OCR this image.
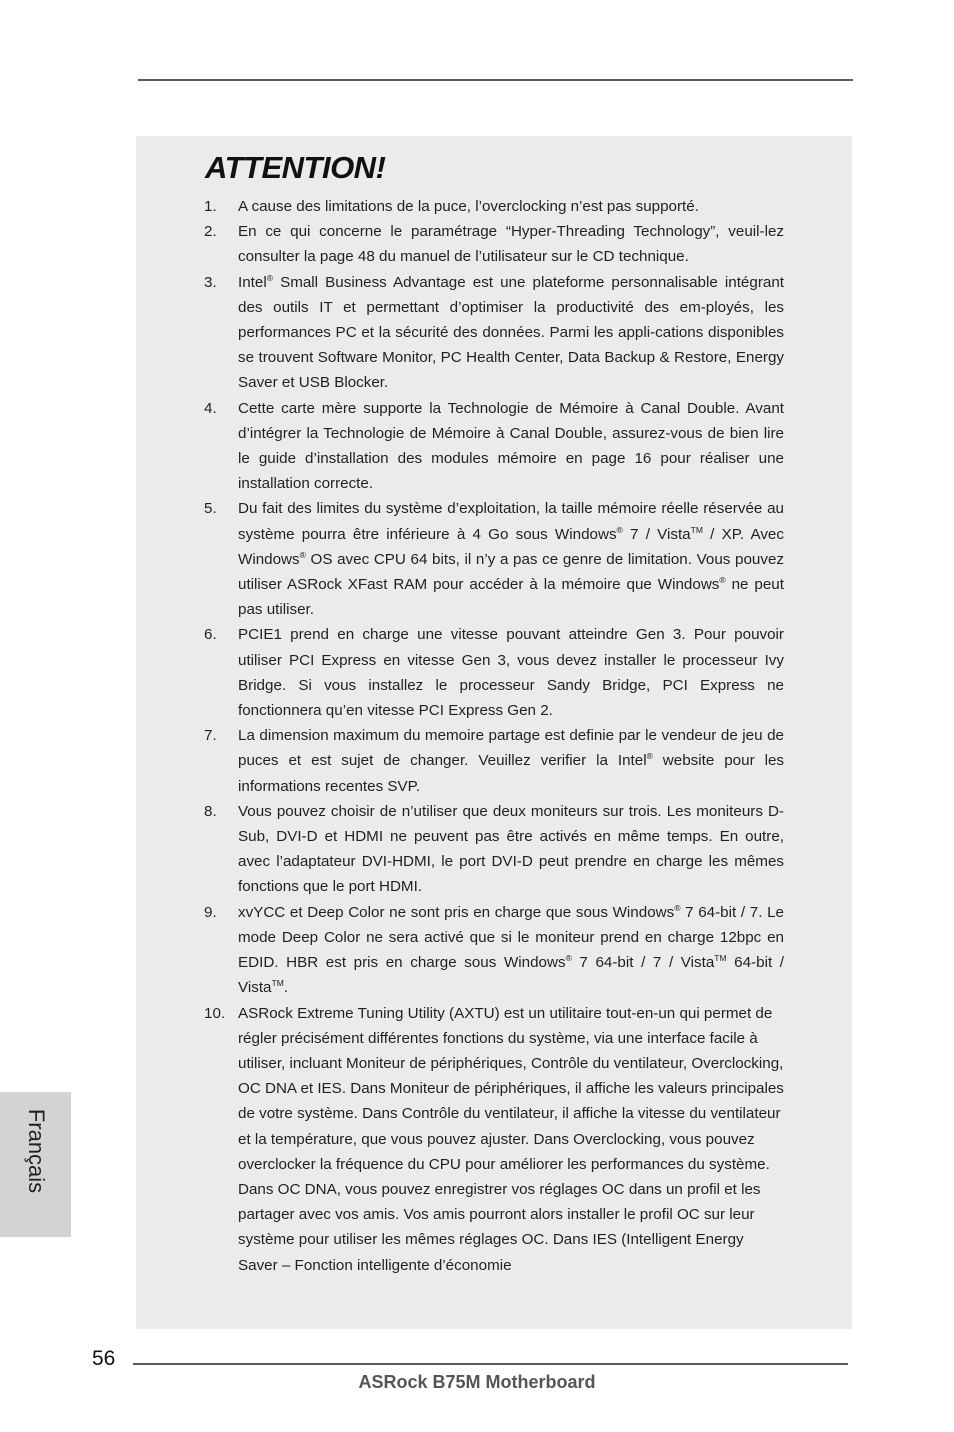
ATTENTION!
1. A cause des limitations de la puce, l’overclocking n’est pas supporté.
2. En ce qui concerne le paramétrage “Hyper-Threading Technology”, veuil-lez consulter la page 48 du manuel de l’utilisateur sur le CD technique.
3. Intel® Small Business Advantage est une plateforme personnalisable intégrant des outils IT et permettant d’optimiser la productivité des em-ployés, les performances PC et la sécurité des données. Parmi les appli-cations disponibles se trouvent Software Monitor, PC Health Center, Data Backup & Restore, Energy Saver et USB Blocker.
4. Cette carte mère supporte la Technologie de Mémoire à Canal Double. Avant d’intégrer la Technologie de Mémoire à Canal Double, assurez-vous de bien lire le guide d’installation des modules mémoire en page 16 pour réaliser une installation correcte.
5. Du fait des limites du système d’exploitation, la taille mémoire réelle réservée au système pourra être inférieure à 4 Go sous Windows® 7 / Vista™ / XP. Avec Windows® OS avec CPU 64 bits, il n’y a pas ce genre de limitation. Vous pouvez utiliser ASRock XFast RAM pour accéder à la mémoire que Windows® ne peut pas utiliser.
6. PCIE1 prend en charge une vitesse pouvant atteindre Gen 3. Pour pouvoir utiliser PCI Express en vitesse Gen 3, vous devez installer le processeur Ivy Bridge. Si vous installez le processeur Sandy Bridge, PCI Express ne fonctionnera qu’en vitesse PCI Express Gen 2.
7. La dimension maximum du memoire partage est definie par le vendeur de jeu de puces et est sujet de changer. Veuillez verifier la Intel® website pour les informations recentes SVP.
8. Vous pouvez choisir de n’utiliser que deux moniteurs sur trois. Les moniteurs D-Sub, DVI-D et HDMI ne peuvent pas être activés en même temps. En outre, avec l’adaptateur DVI-HDMI, le port DVI-D peut prendre en charge les mêmes fonctions que le port HDMI.
9. xvYCC et Deep Color ne sont pris en charge que sous Windows® 7 64-bit / 7. Le mode Deep Color ne sera activé que si le moniteur prend en charge 12bpc en EDID. HBR est pris en charge sous Windows® 7 64-bit / 7 / Vista™ 64-bit / Vista™.
10. ASRock Extreme Tuning Utility (AXTU) est un utilitaire tout-en-un qui permet de régler précisément différentes fonctions du système, via une interface facile à utiliser, incluant Moniteur de périphériques, Contrôle du ventilateur, Overclocking, OC DNA et IES. Dans Moniteur de périphériques, il affiche les valeurs principales de votre système. Dans Contrôle du ventilateur, il affiche la vitesse du ventilateur et la température, que vous pouvez ajuster. Dans Overclocking, vous pouvez overclocker la fréquence du CPU pour améliorer les performances du système. Dans OC DNA, vous pouvez enregistrer vos réglages OC dans un profil et les partager avec vos amis. Vos amis pourront alors installer le profil OC sur leur système pour utiliser les mêmes réglages OC. Dans IES (Intelligent Energy Saver – Fonction intelligente d’économie
Français
56
ASRock B75M Motherboard
